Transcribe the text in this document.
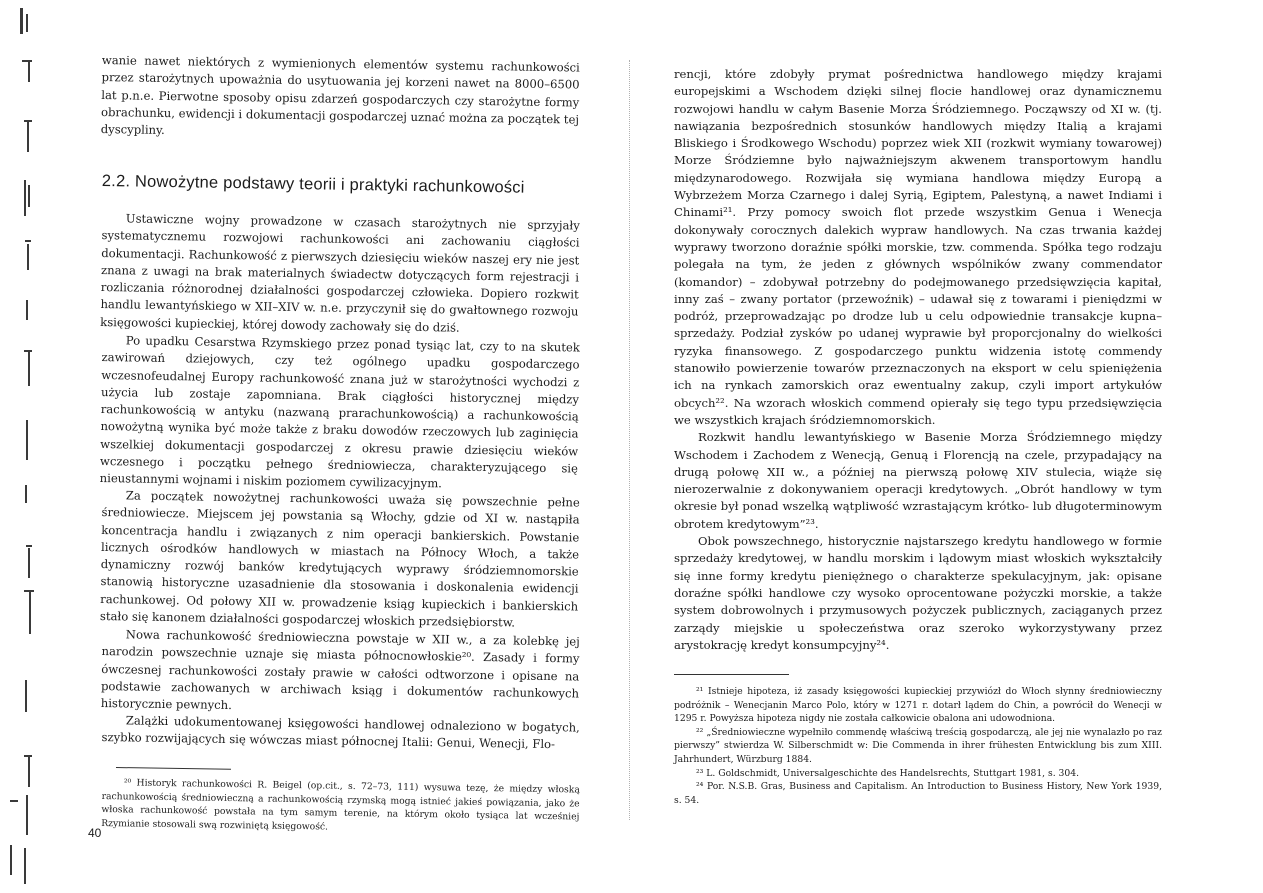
wanie nawet niektórych z wymienionych elementów systemu rachunkowości przez starożytnych upoważnia do usytuowania jej korzeni nawet na 8000–6500 lat p.n.e. Pierwotne sposoby opisu zdarzeń gospodarczych czy starożytne formy obrachunku, ewidencji i dokumentacji gospodarczej uznać można za początek tej dyscypliny.

2.2. Nowożytne podstawy teorii i praktyki rachunkowości

Ustawiczne wojny prowadzone w czasach starożytnych nie sprzyjały systematycznemu rozwojowi rachunkowości ani zachowaniu ciągłości dokumentacji. Rachunkowość z pierwszych dziesięciu wieków naszej ery nie jest znana z uwagi na brak materialnych świadectw dotyczących form rejestracji i rozliczania różnorodnej działalności gospodarczej człowieka. Dopiero rozkwit handlu lewantyńskiego w XII–XIV w. n.e. przyczynił się do gwałtownego rozwoju księgowości kupieckiej, której dowody zachowały się do dziś.

Po upadku Cesarstwa Rzymskiego przez ponad tysiąc lat, czy to na skutek zawirowań dziejowych, czy też ogólnego upadku gospodarczego wczesnofeudalnej Europy rachunkowość znana już w starożytności wychodzi z użycia lub zostaje zapomniana. Brak ciągłości historycznej między rachunkowością w antyku (nazwaną prarachunkowością) a rachunkowością nowożytną wynika być może także z braku dowodów rzeczowych lub zaginięcia wszelkiej dokumentacji gospodarczej z okresu prawie dziesięciu wieków wczesnego i początku pełnego średniowiecza, charakteryzującego się nieustannymi wojnami i niskim poziomem cywilizacyjnym.

Za początek nowożytnej rachunkowości uważa się powszechnie pełne średniowiecze. Miejscem jej powstania są Włochy, gdzie od XI w. nastąpiła koncentracja handlu i związanych z nim operacji bankierskich. Powstanie licznych ośrodków handlowych w miastach na Północy Włoch, a także dynamiczny rozwój banków kredytujących wyprawy śródziemnomorskie stanowią historyczne uzasadnienie dla stosowania i doskonalenia ewidencji rachunkowej. Od połowy XII w. prowadzenie ksiąg kupieckich i bankierskich stało się kanonem działalności gospodarczej włoskich przedsiębiorstw.

Nowa rachunkowość średniowieczna powstaje w XII w., a za kolebkę jej narodzin powszechnie uznaje się miasta północnowłoskie²⁰. Zasady i formy ówczesnej rachunkowości zostały prawie w całości odtworzone i opisane na podstawie zachowanych w archiwach ksiąg i dokumentów rachunkowych historycznie pewnych.

Zalążki udokumentowanej księgowości handlowej odnaleziono w bogatych, szybko rozwijających się wówczas miast północnej Italii: Genui, Wenecji, Flo-

²⁰ Historyk rachunkowości R. Beigel (op.cit., s. 72–73, 111) wysuwa tezę, że między włoską rachunkowością średniowieczną a rachunkowością rzymską mogą istnieć jakieś powiązania, jako że włoska rachunkowość powstała na tym samym terenie, na którym około tysiąca lat wcześniej Rzymianie stosowali swą rozwiniętą księgowość.

40

rencji, które zdobyły prymat pośrednictwa handlowego między krajami europejskimi a Wschodem dzięki silnej flocie handlowej oraz dynamicznemu rozwojowi handlu w całym Basenie Morza Śródziemnego. Począwszy od XI w. (tj. nawiązania bezpośrednich stosunków handlowych między Italią a krajami Bliskiego i Środkowego Wschodu) poprzez wiek XII (rozkwit wymiany towarowej) Morze Śródziemne było najważniejszym akwenem transportowym handlu międzynarodowego. Rozwijała się wymiana handlowa między Europą a Wybrzeżem Morza Czarnego i dalej Syrią, Egiptem, Palestyną, a nawet Indiami i Chinami²¹. Przy pomocy swoich flot przede wszystkim Genua i Wenecja dokonywały corocznych dalekich wypraw handlowych. Na czas trwania każdej wyprawy tworzono doraźnie spółki morskie, tzw. commenda. Spółka tego rodzaju polegała na tym, że jeden z głównych wspólników zwany commendator (komandor) – zdobywał potrzebny do podejmowanego przedsięwzięcia kapitał, inny zaś – zwany portator (przewoźnik) – udawał się z towarami i pieniędzmi w podróż, przeprowadzając po drodze lub u celu odpowiednie transakcje kupna–sprzedaży. Podział zysków po udanej wyprawie był proporcjonalny do wielkości ryzyka finansowego. Z gospodarczego punktu widzenia istotę commendy stanowiło powierzenie towarów przeznaczonych na eksport w celu spieniężenia ich na rynkach zamorskich oraz ewentualny zakup, czyli import artykułów obcych²². Na wzorach włoskich commend opierały się tego typu przedsięwzięcia we wszystkich krajach śródziemnomorskich.

Rozkwit handlu lewantyńskiego w Basenie Morza Śródziemnego między Wschodem i Zachodem z Wenecją, Genuą i Florencją na czele, przypadający na drugą połowę XII w., a później na pierwszą połowę XIV stulecia, wiąże się nierozerwalnie z dokonywaniem operacji kredytowych. „Obrót handlowy w tym okresie był ponad wszelką wątpliwość wzrastającym krótko- lub długoterminowym obrotem kredytowym”²³.

Obok powszechnego, historycznie najstarszego kredytu handlowego w formie sprzedaży kredytowej, w handlu morskim i lądowym miast włoskich wykształciły się inne formy kredytu pieniężnego o charakterze spekulacyjnym, jak: opisane doraźne spółki handlowe czy wysoko oprocentowane pożyczki morskie, a także system dobrowolnych i przymusowych pożyczek publicznych, zaciąganych przez zarządy miejskie u społeczeństwa oraz szeroko wykorzystywany przez arystokrację kredyt konsumpcyjny²⁴.

²¹ Istnieje hipoteza, iż zasady księgowości kupieckiej przywiózł do Włoch słynny średniowieczny podróżnik – Wenecjanin Marco Polo, który w 1271 r. dotarł lądem do Chin, a powrócił do Wenecji w 1295 r. Powyższa hipoteza nigdy nie została całkowicie obalona ani udowodniona.

²² „Średniowieczne wypełniło commendę właściwą treścią gospodarczą, ale jej nie wynalazło po raz pierwszy” stwierdza W. Silberschmidt w: Die Commenda in ihrer frühesten Entwicklung bis zum XIII. Jahrhundert, Würzburg 1884.

²³ L. Goldschmidt, Universalgeschichte des Handelsrechts, Stuttgart 1981, s. 304.

²⁴ Por. N.S.B. Gras, Business and Capitalism. An Introduction to Business History, New York 1939, s. 54.
